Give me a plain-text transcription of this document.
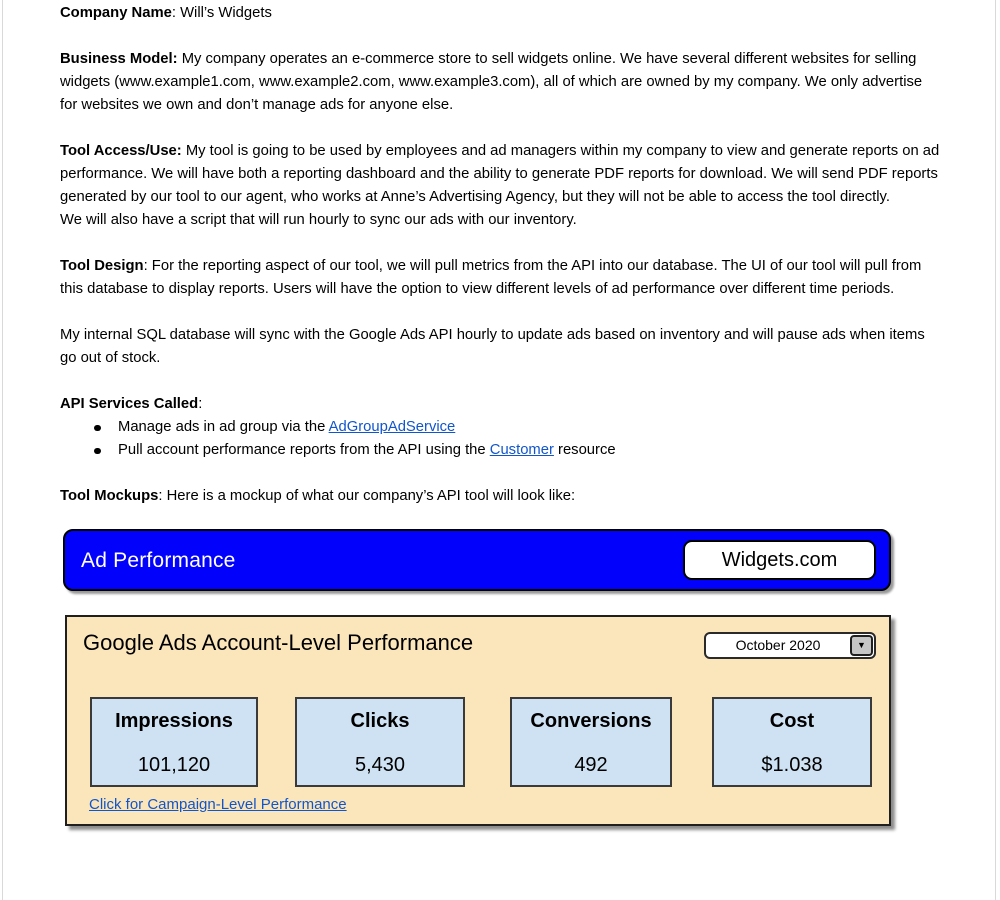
Company Name: Will’s Widgets

Business Model: My company operates an e-commerce store to sell widgets online. We have several different websites for selling widgets (www.example1.com, www.example2.com, www.example3.com), all of which are owned by my company. We only advertise for websites we own and don’t manage ads for anyone else.

Tool Access/Use: My tool is going to be used by employees and ad managers within my company to view and generate reports on ad performance. We will have both a reporting dashboard and the ability to generate PDF reports for download. We will send PDF reports generated by our tool to our agent, who works at Anne’s Advertising Agency, but they will not be able to access the tool directly.
We will also have a script that will run hourly to sync our ads with our inventory.

Tool Design: For the reporting aspect of our tool, we will pull metrics from the API into our database. The UI of our tool will pull from this database to display reports. Users will have the option to view different levels of ad performance over different time periods.

My internal SQL database will sync with the Google Ads API hourly to update ads based on inventory and will pause ads when items go out of stock.

API Services Called:

Manage ads in ad group via the AdGroupAdService
Pull account performance reports from the API using the Customer resource

Tool Mockups: Here is a mockup of what our company’s API tool will look like:

Ad Performance	Widgets.com
Google Ads Account-Level Performance	October 2020	▼
Impressions
101,120
Clicks
5,430
Conversions
492
Cost
$1.038
Click for Campaign-Level Performance
